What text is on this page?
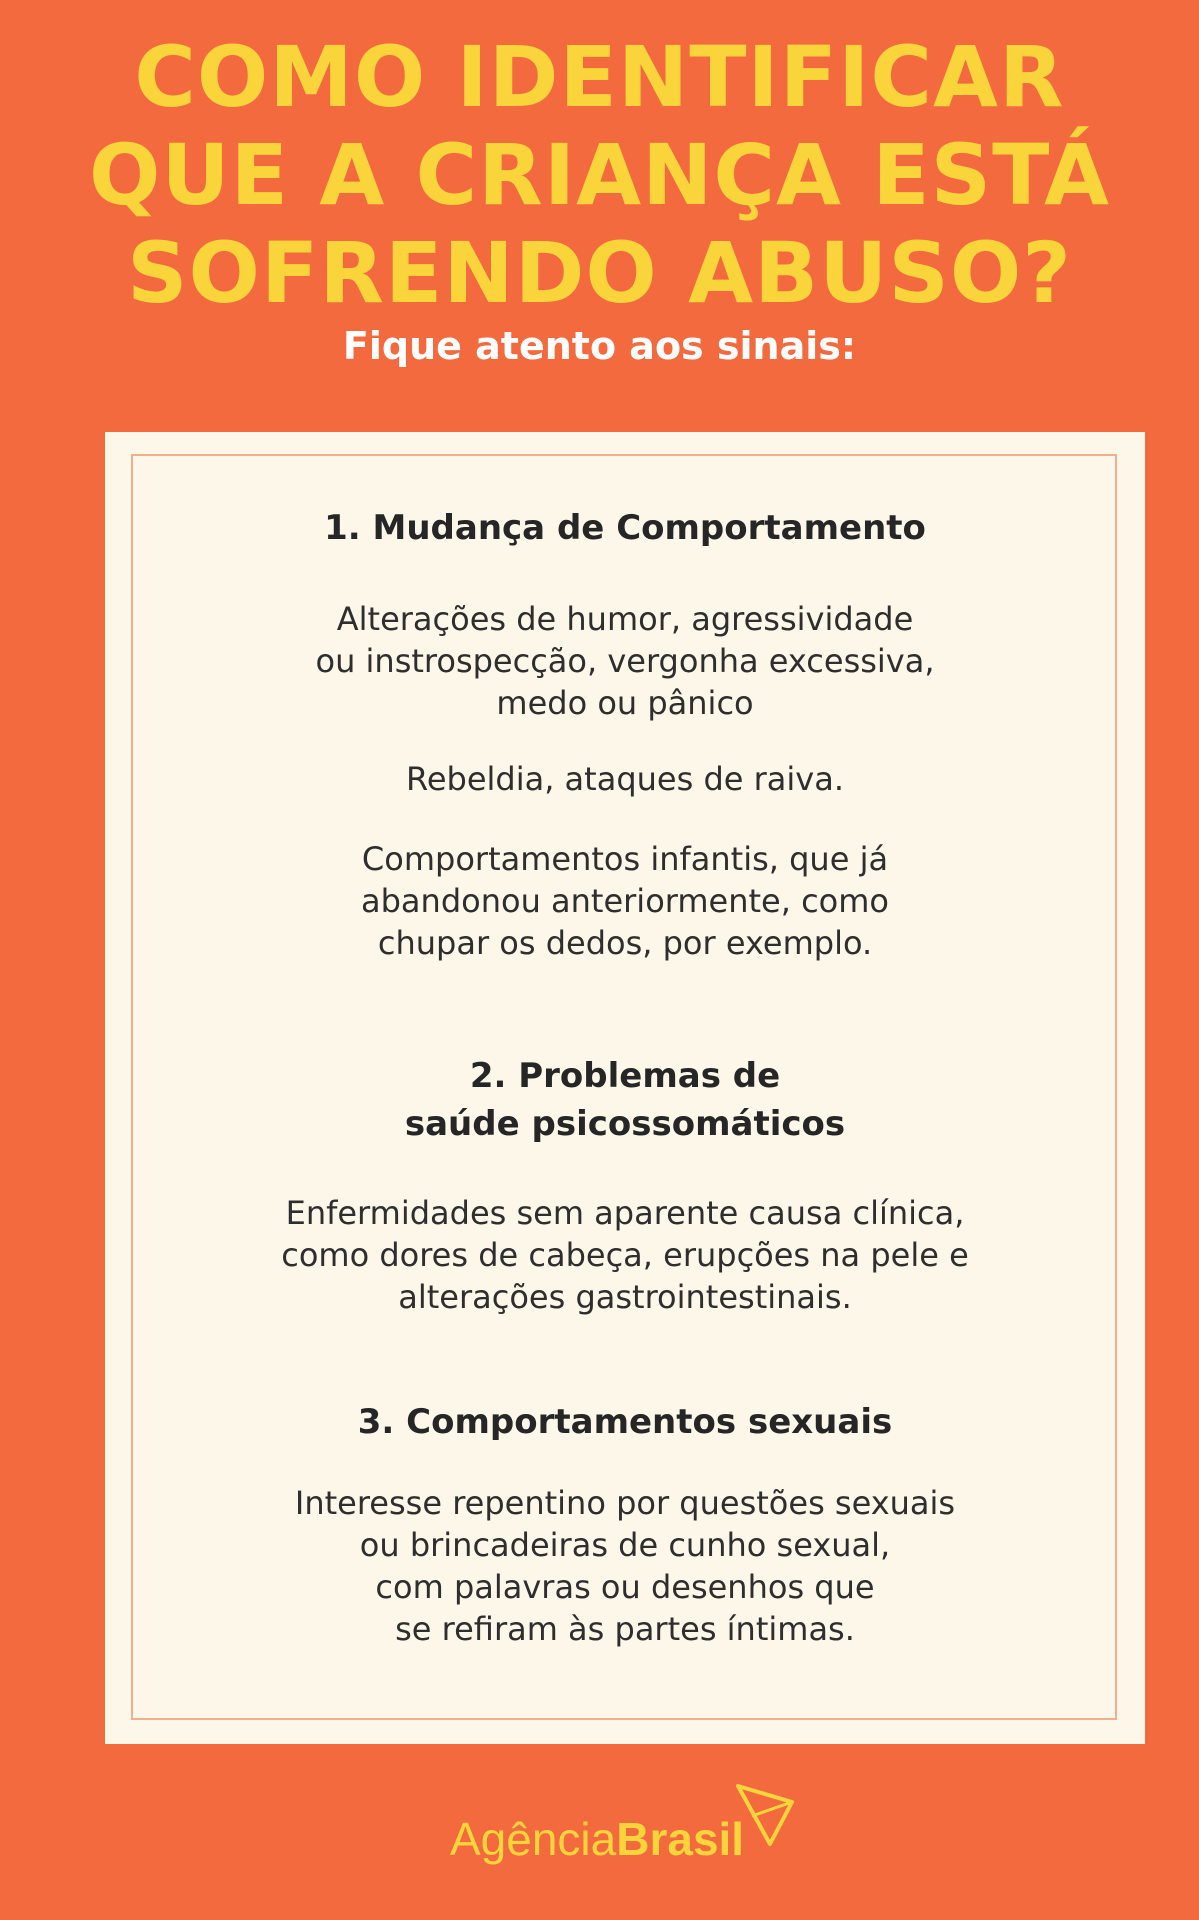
COMO IDENTIFICAR
QUE A CRIANÇA ESTÁ
SOFRENDO ABUSO?
Fique atento aos sinais:
1. Mudança de Comportamento
Alterações de humor, agressividade
ou instrospecção, vergonha excessiva,
medo ou pânico
Rebeldia, ataques de raiva.
Comportamentos infantis, que já
abandonou anteriormente, como
chupar os dedos, por exemplo.
2. Problemas de
saúde psicossomáticos
Enfermidades sem aparente causa clínica,
como dores de cabeça, erupções na pele e
alterações gastrointestinais.
3. Comportamentos sexuais
Interesse repentino por questões sexuais
ou brincadeiras de cunho sexual,
com palavras ou desenhos que
se refiram às partes íntimas.
AgênciaBrasil
